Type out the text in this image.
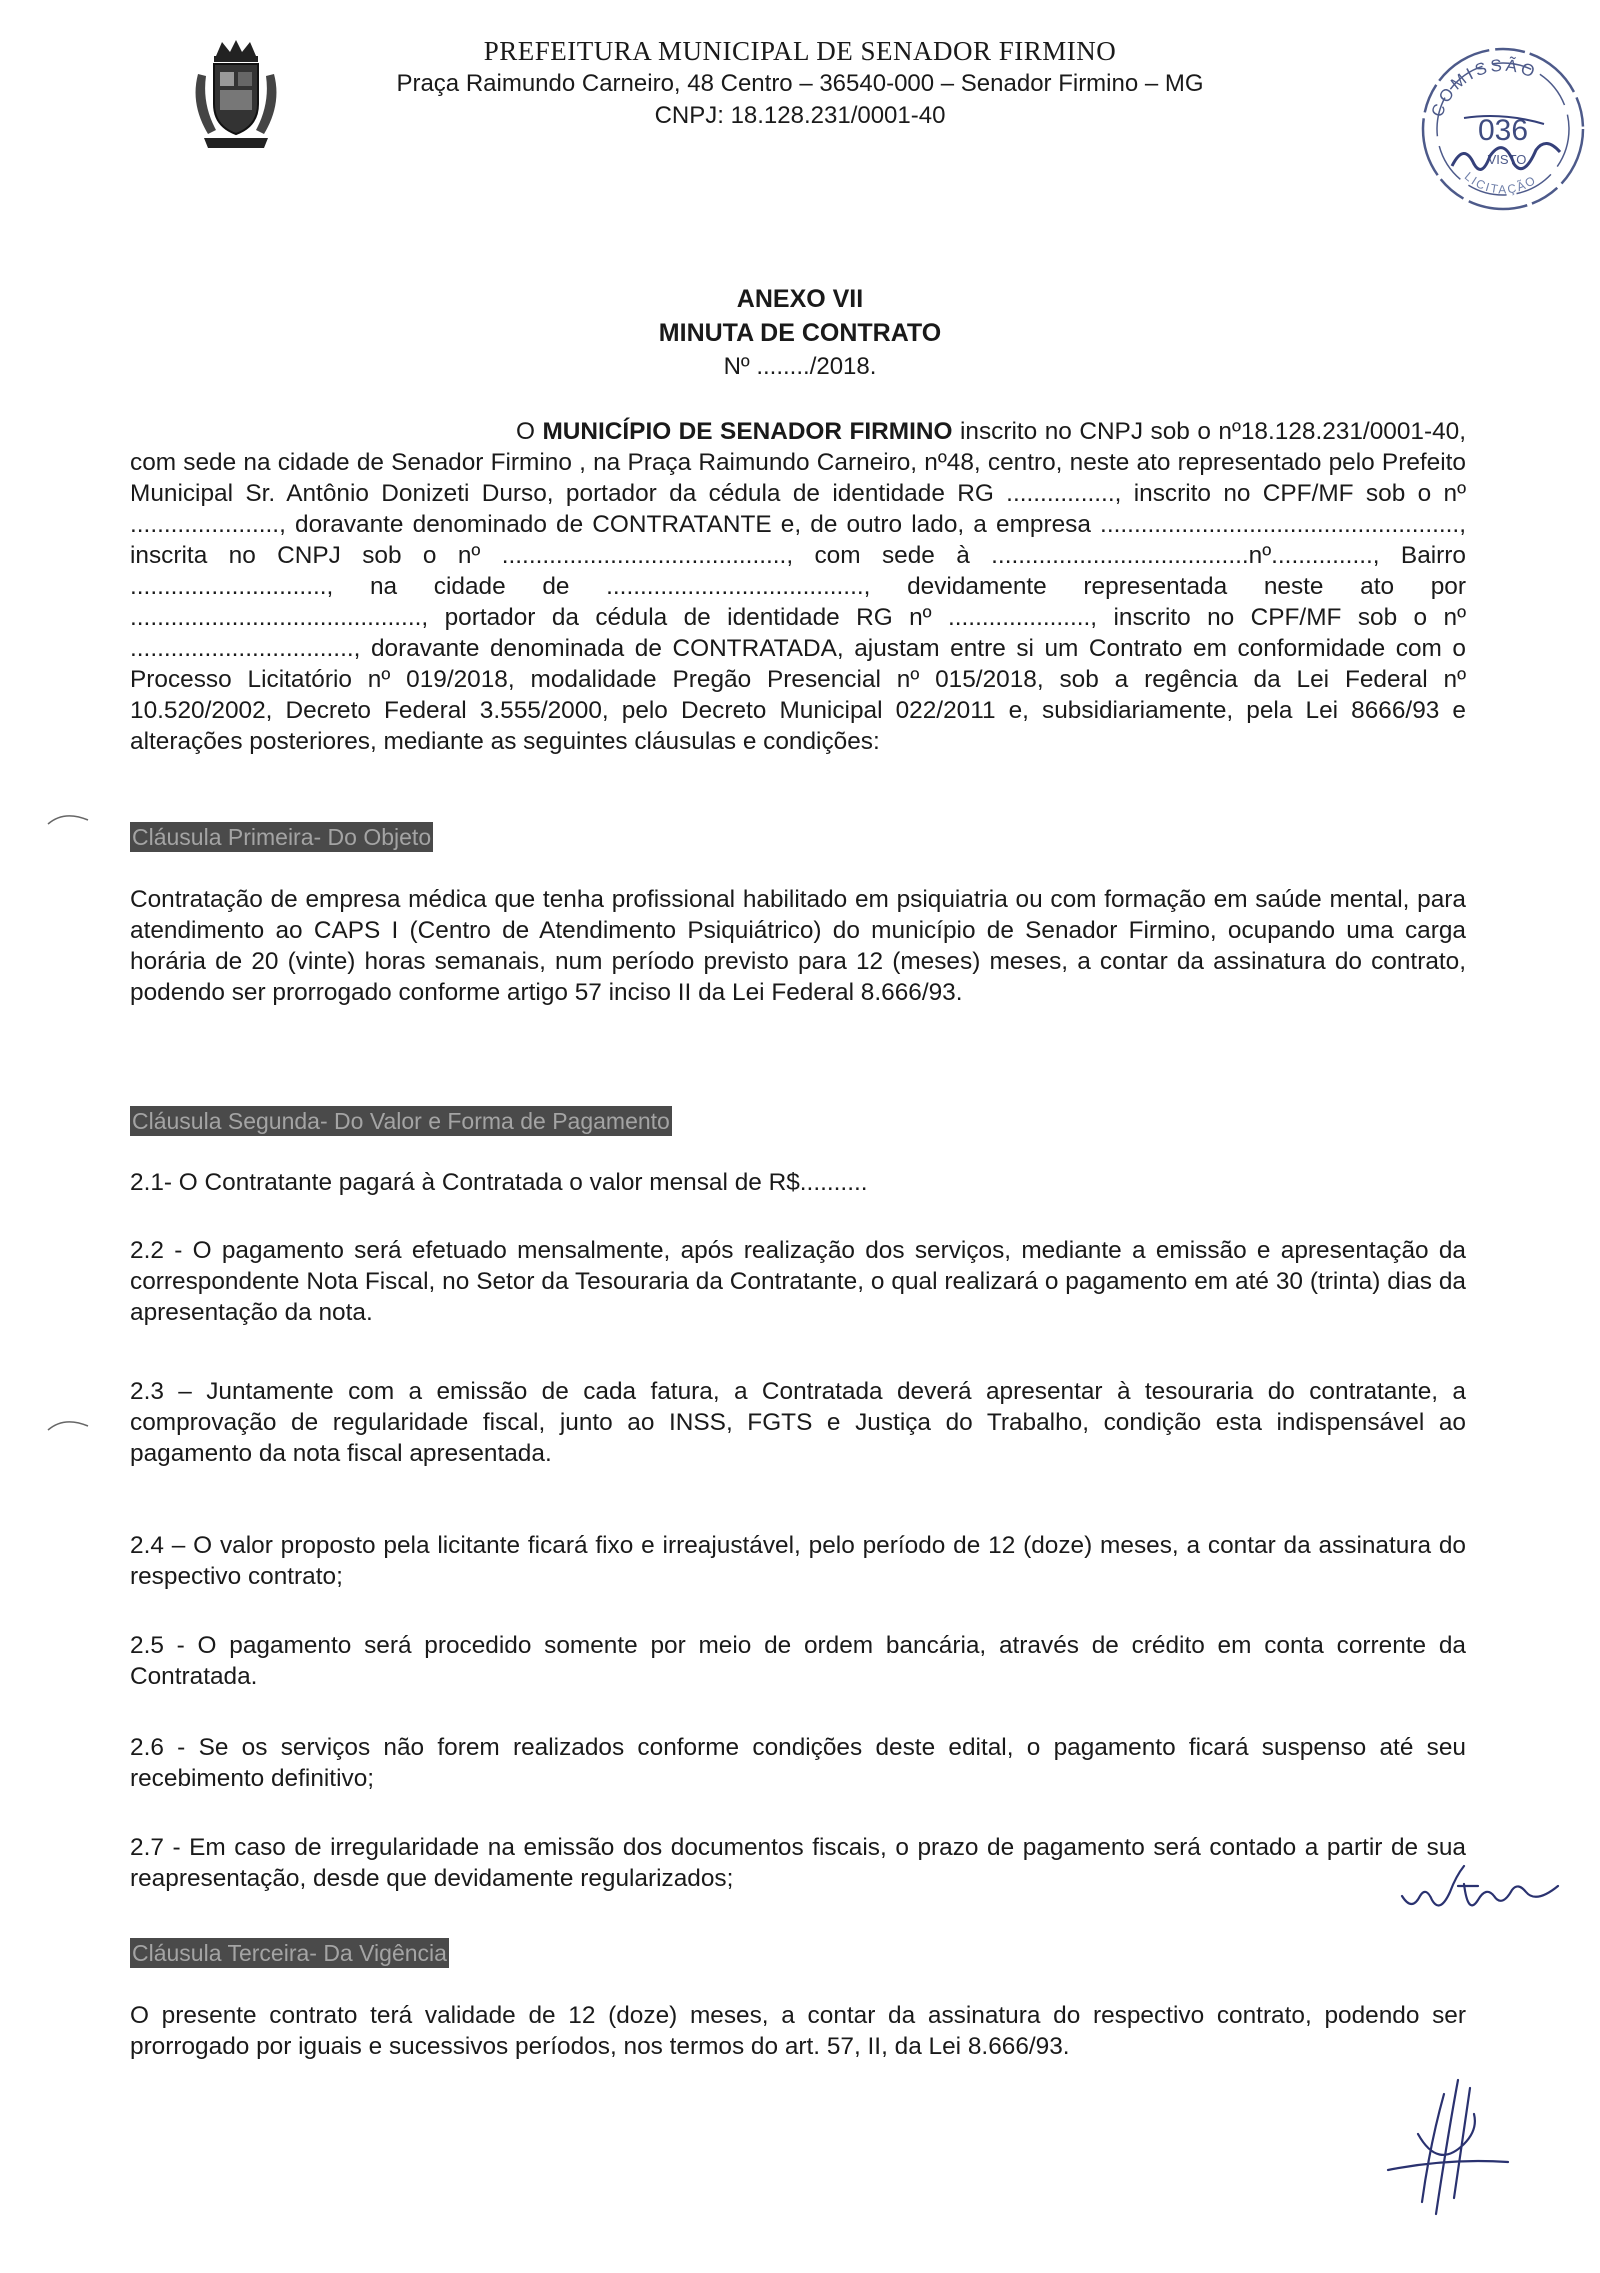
PREFEITURA MUNICIPAL DE SENADOR FIRMINO
Praça Raimundo Carneiro, 48 Centro – 36540-000 – Senador Firmino – MG
CNPJ: 18.128.231/0001-40	COMISSÃO
036
VISTO
LICITAÇÃO
ANEXO VII
MINUTA DE CONTRATO
Nº ......../2018.

O MUNICÍPIO DE SENADOR FIRMINO inscrito no CNPJ sob o nº18.128.231/0001-40, com sede na cidade de Senador Firmino , na Praça Raimundo Carneiro, nº48, centro, neste ato representado pelo Prefeito Municipal Sr. Antônio Donizeti Durso, portador da cédula de identidade RG ................, inscrito no CPF/MF sob o nº ......................, doravante denominado de CONTRATANTE e, de outro lado, a empresa ....................................................., inscrita no CNPJ sob o nº .........................................., com sede à ......................................nº..............., Bairro ............................., na cidade de ......................................, devidamente representada neste ato por ..........................................., portador da cédula de identidade RG nº ....................., inscrito no CPF/MF sob o nº ................................., doravante denominada de CONTRATADA, ajustam entre si um Contrato em conformidade com o Processo Licitatório nº 019/2018, modalidade Pregão Presencial nº 015/2018, sob a regência da Lei Federal nº 10.520/2002, Decreto Federal 3.555/2000, pelo Decreto Municipal 022/2011 e, subsidiariamente, pela Lei 8666/93 e alterações posteriores, mediante as seguintes cláusulas e condições:

Cláusula Primeira- Do Objeto

Contratação de empresa médica que tenha profissional habilitado em psiquiatria ou com formação em saúde mental, para atendimento ao CAPS I (Centro de Atendimento Psiquiátrico) do município de Senador Firmino, ocupando uma carga horária de 20 (vinte) horas semanais, num período previsto para 12 (meses) meses, a contar da assinatura do contrato, podendo ser prorrogado conforme artigo 57 inciso II da Lei Federal 8.666/93.

Cláusula Segunda- Do Valor e Forma de Pagamento

2.1- O Contratante pagará à Contratada o valor mensal de R$..........

2.2 - O pagamento será efetuado mensalmente, após realização dos serviços, mediante a emissão e apresentação da correspondente Nota Fiscal, no Setor da Tesouraria da Contratante, o qual realizará o pagamento em até 30 (trinta) dias da apresentação da nota.

2.3 – Juntamente com a emissão de cada fatura, a Contratada deverá apresentar à tesouraria do contratante, a comprovação de regularidade fiscal, junto ao INSS, FGTS e Justiça do Trabalho, condição esta indispensável ao pagamento da nota fiscal apresentada.

2.4 – O valor proposto pela licitante ficará fixo e irreajustável, pelo período de 12 (doze) meses, a contar da assinatura do respectivo contrato;

2.5 - O pagamento será procedido somente por meio de ordem bancária, através de crédito em conta corrente da Contratada.

2.6 - Se os serviços não forem realizados conforme condições deste edital, o pagamento ficará suspenso até seu recebimento definitivo;

2.7 - Em caso de irregularidade na emissão dos documentos fiscais, o prazo de pagamento será contado a partir de sua reapresentação, desde que devidamente regularizados;

Cláusula Terceira- Da Vigência

O presente contrato terá validade de 12 (doze) meses, a contar da assinatura do respectivo contrato, podendo ser prorrogado por iguais e sucessivos períodos, nos termos do art. 57, II, da Lei 8.666/93.
